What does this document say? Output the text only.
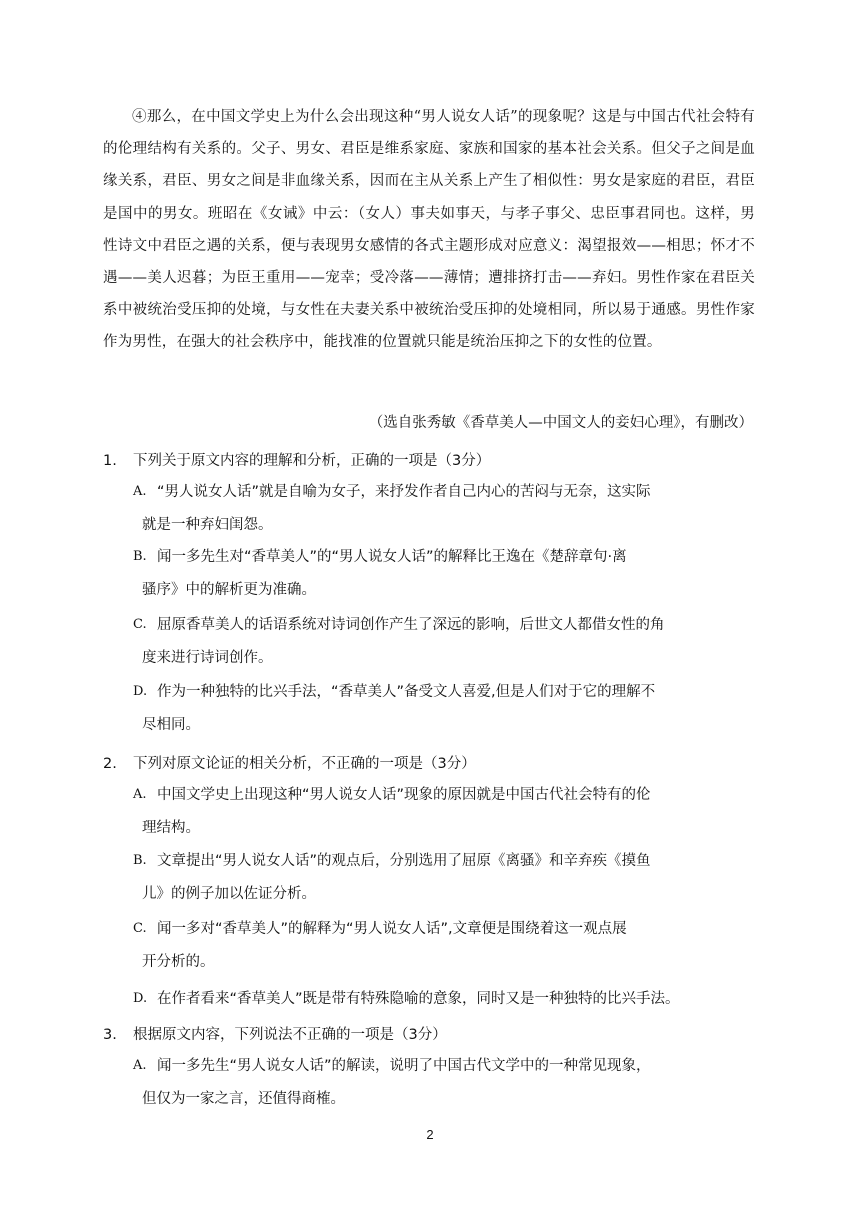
④那么，在中国文学史上为什么会出现这种“男人说女人话”的现象呢？这是与中国古代社会特有的伦理结构有关系的。父子、男女、君臣是维系家庭、家族和国家的基本社会关系。但父子之间是血缘关系，君臣、男女之间是非血缘关系，因而在主从关系上产生了相似性：男女是家庭的君臣，君臣是国中的男女。班昭在《女诫》中云：（女人）事夫如事天，与孝子事父、忠臣事君同也。这样，男性诗文中君臣之遇的关系，便与表现男女感情的各式主题形成对应意义：渴望报效——相思；怀才不遇——美人迟暮；为臣王重用——宠幸；受冷落——薄情；遭排挤打击——弃妇。男性作家在君臣关系中被统治受压抑的处境，与女性在夫妻关系中被统治受压抑的处境相同，所以易于通感。男性作家作为男性，在强大的社会秩序中，能找准的位置就只能是统治压抑之下的女性的位置。
（选自张秀敏《香草美人—中国文人的妾妇心理》，有删改）
1. 下列关于原文内容的理解和分析，正确的一项是（3分）
A. “男人说女人话”就是自喻为女子，来抒发作者自己内心的苦闷与无奈，这实际
就是一种弃妇闺怨。
B. 闻一多先生对“香草美人”的“男人说女人话”的解释比王逸在《楚辞章句·离
骚序》中的解析更为准确。
C. 屈原香草美人的话语系统对诗词创作产生了深远的影响，后世文人都借女性的角
度来进行诗词创作。
D. 作为一种独特的比兴手法，“香草美人”备受文人喜爱,但是人们对于它的理解不
尽相同。
2. 下列对原文论证的相关分析，不正确的一项是（3分）
A. 中国文学史上出现这种“男人说女人话”现象的原因就是中国古代社会特有的伦
理结构。
B. 文章提出“男人说女人话”的观点后，分别选用了屈原《离骚》和辛弃疾《摸鱼
儿》的例子加以佐证分析。
C. 闻一多对“香草美人”的解释为“男人说女人话”,文章便是围绕着这一观点展
开分析的。
D. 在作者看来“香草美人”既是带有特殊隐喻的意象，同时又是一种独特的比兴手法。
3. 根据原文内容，下列说法不正确的一项是（3分）
A. 闻一多先生“男人说女人话”的解读，说明了中国古代文学中的一种常见现象，
但仅为一家之言，还值得商榷。
2
